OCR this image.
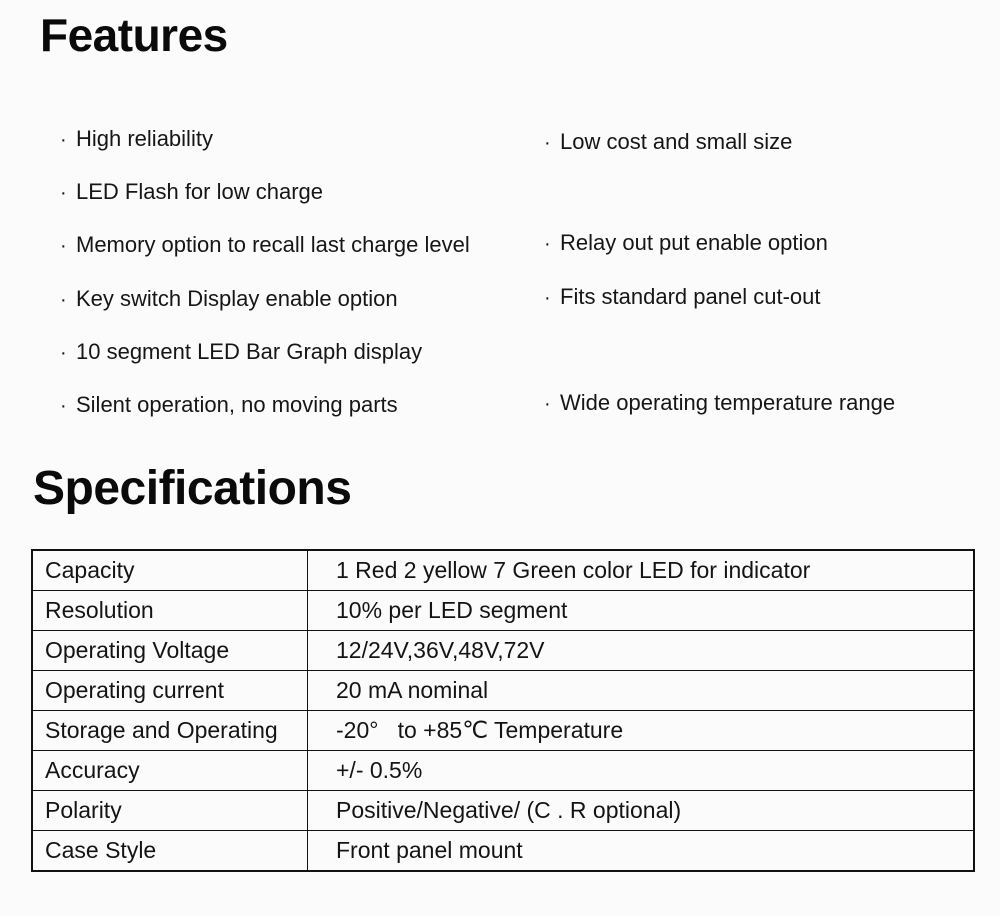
Features
· High reliability
· LED Flash for low charge
· Memory option to recall last charge level
· Key switch Display enable option
· 10 segment LED Bar Graph display
· Silent operation, no moving parts
· Low cost and small size
· Relay out put enable option
· Fits standard panel cut-out
· Wide operating temperature range
Specifications
Capacity	1 Red 2 yellow 7 Green color LED for indicator
Resolution	10% per LED segment
Operating Voltage	12/24V,36V,48V,72V
Operating current	20 mA nominal
Storage and Operating	-20°   to +85℃ Temperature
Accuracy	+/- 0.5%
Polarity	Positive/Negative/ (C . R optional)
Case Style	Front panel mount
